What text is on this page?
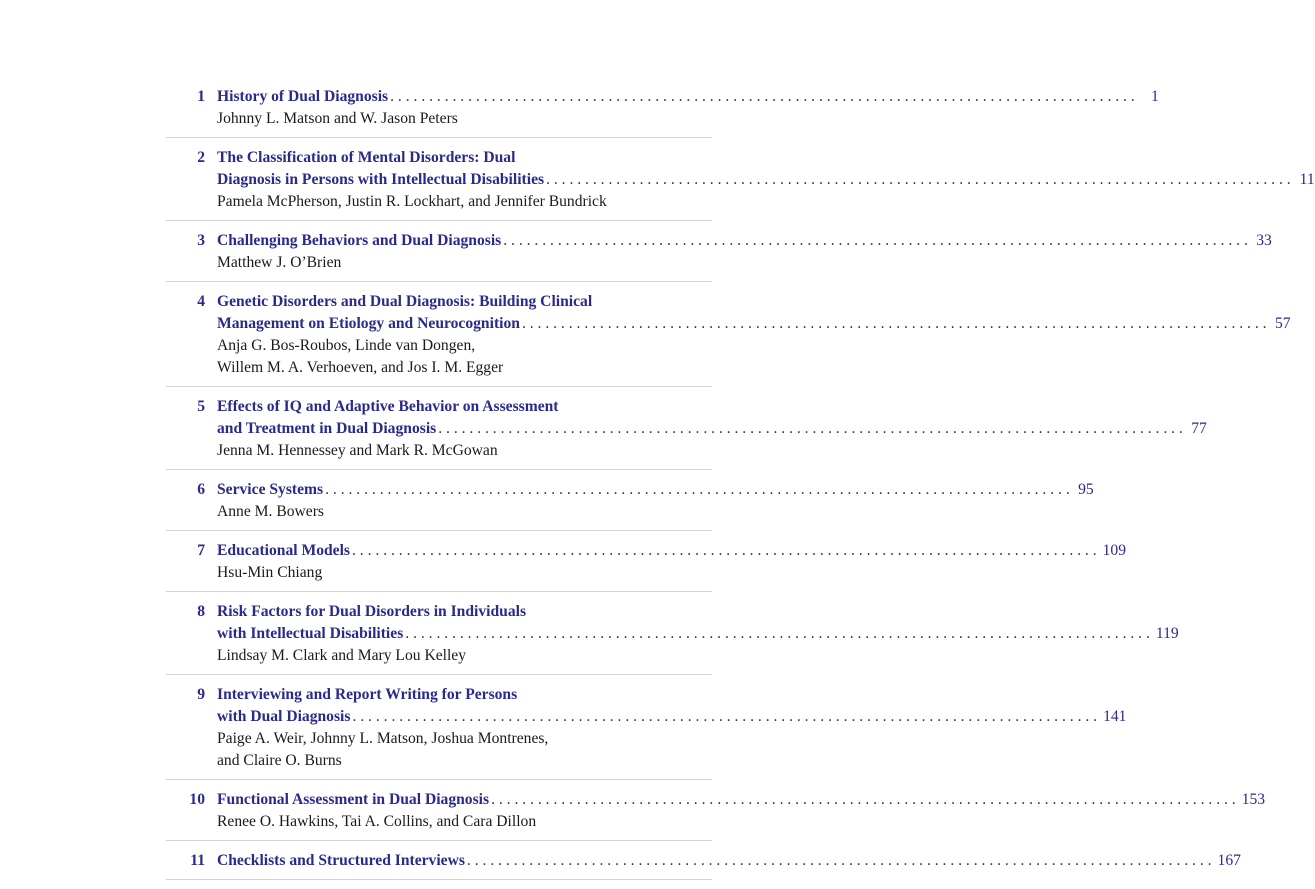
1 History of Dual Diagnosis . . .	1
Johnny L. Matson and W. Jason Peters
2 The Classification of Mental Disorders: Dual
Diagnosis in Persons with Intellectual Disabilities . . .	11
Pamela McPherson, Justin R. Lockhart, and Jennifer Bundrick
3 Challenging Behaviors and Dual Diagnosis . . .	33
Matthew J. O’Brien
4 Genetic Disorders and Dual Diagnosis: Building Clinical
Management on Etiology and Neurocognition . . .	57
Anja G. Bos-Roubos, Linde van Dongen,
Willem M. A. Verhoeven, and Jos I. M. Egger
5 Effects of IQ and Adaptive Behavior on Assessment
and Treatment in Dual Diagnosis . . .	77
Jenna M. Hennessey and Mark R. McGowan
6 Service Systems . . .	95
Anne M. Bowers
7 Educational Models . . .	109
Hsu-Min Chiang
8 Risk Factors for Dual Disorders in Individuals
with Intellectual Disabilities . . .	119
Lindsay M. Clark and Mary Lou Kelley
9 Interviewing and Report Writing for Persons
with Dual Diagnosis . . .	141
Paige A. Weir, Johnny L. Matson, Joshua Montrenes,
and Claire O. Burns
10 Functional Assessment in Dual Diagnosis . . .	153
Renee O. Hawkins, Tai A. Collins, and Cara Dillon
11 Checklists and Structured Interviews . . .	167
